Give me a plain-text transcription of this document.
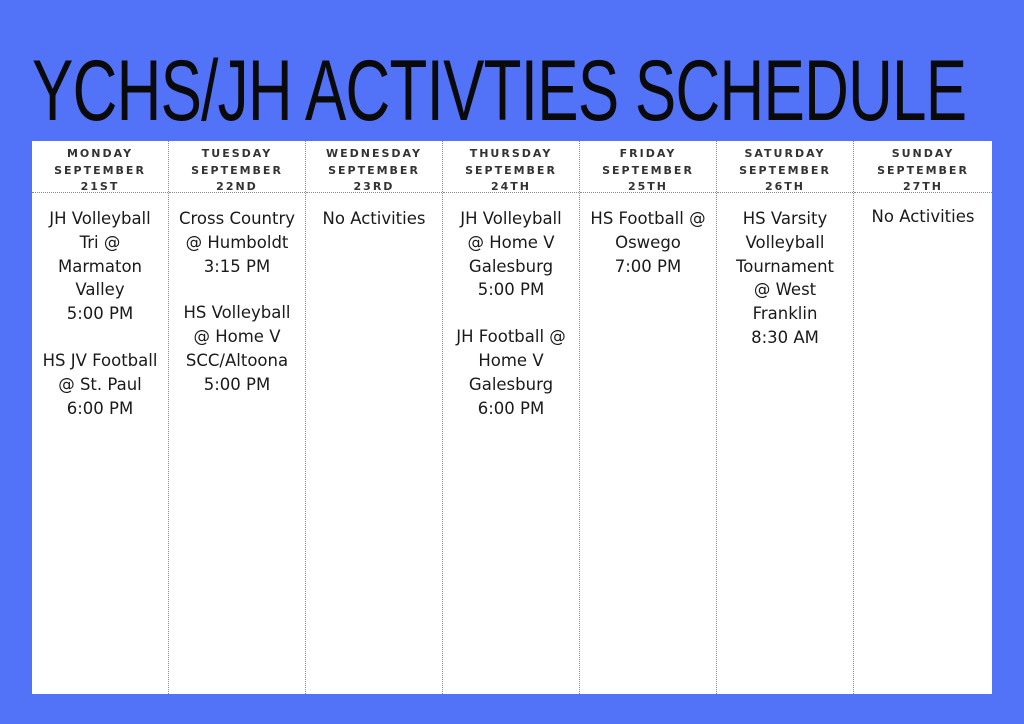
YCHS/JH ACTIVTIES SCHEDULE
MONDAY
SEPTEMBER
21ST
JH Volleyball
Tri @
Marmaton
Valley
5:00 PM
HS JV Football
@ St. Paul
6:00 PM
TUESDAY
SEPTEMBER
22ND
Cross Country
@ Humboldt
3:15 PM
HS Volleyball
@ Home V
SCC/Altoona
5:00 PM
WEDNESDAY
SEPTEMBER
23RD
No Activities
THURSDAY
SEPTEMBER
24TH
JH Volleyball
@ Home V
Galesburg
5:00 PM
JH Football @
Home V
Galesburg
6:00 PM
FRIDAY
SEPTEMBER
25TH
HS Football @
Oswego
7:00 PM
SATURDAY
SEPTEMBER
26TH
HS Varsity
Volleyball
Tournament
@ West
Franklin
8:30 AM
SUNDAY
SEPTEMBER
27TH
No Activities
